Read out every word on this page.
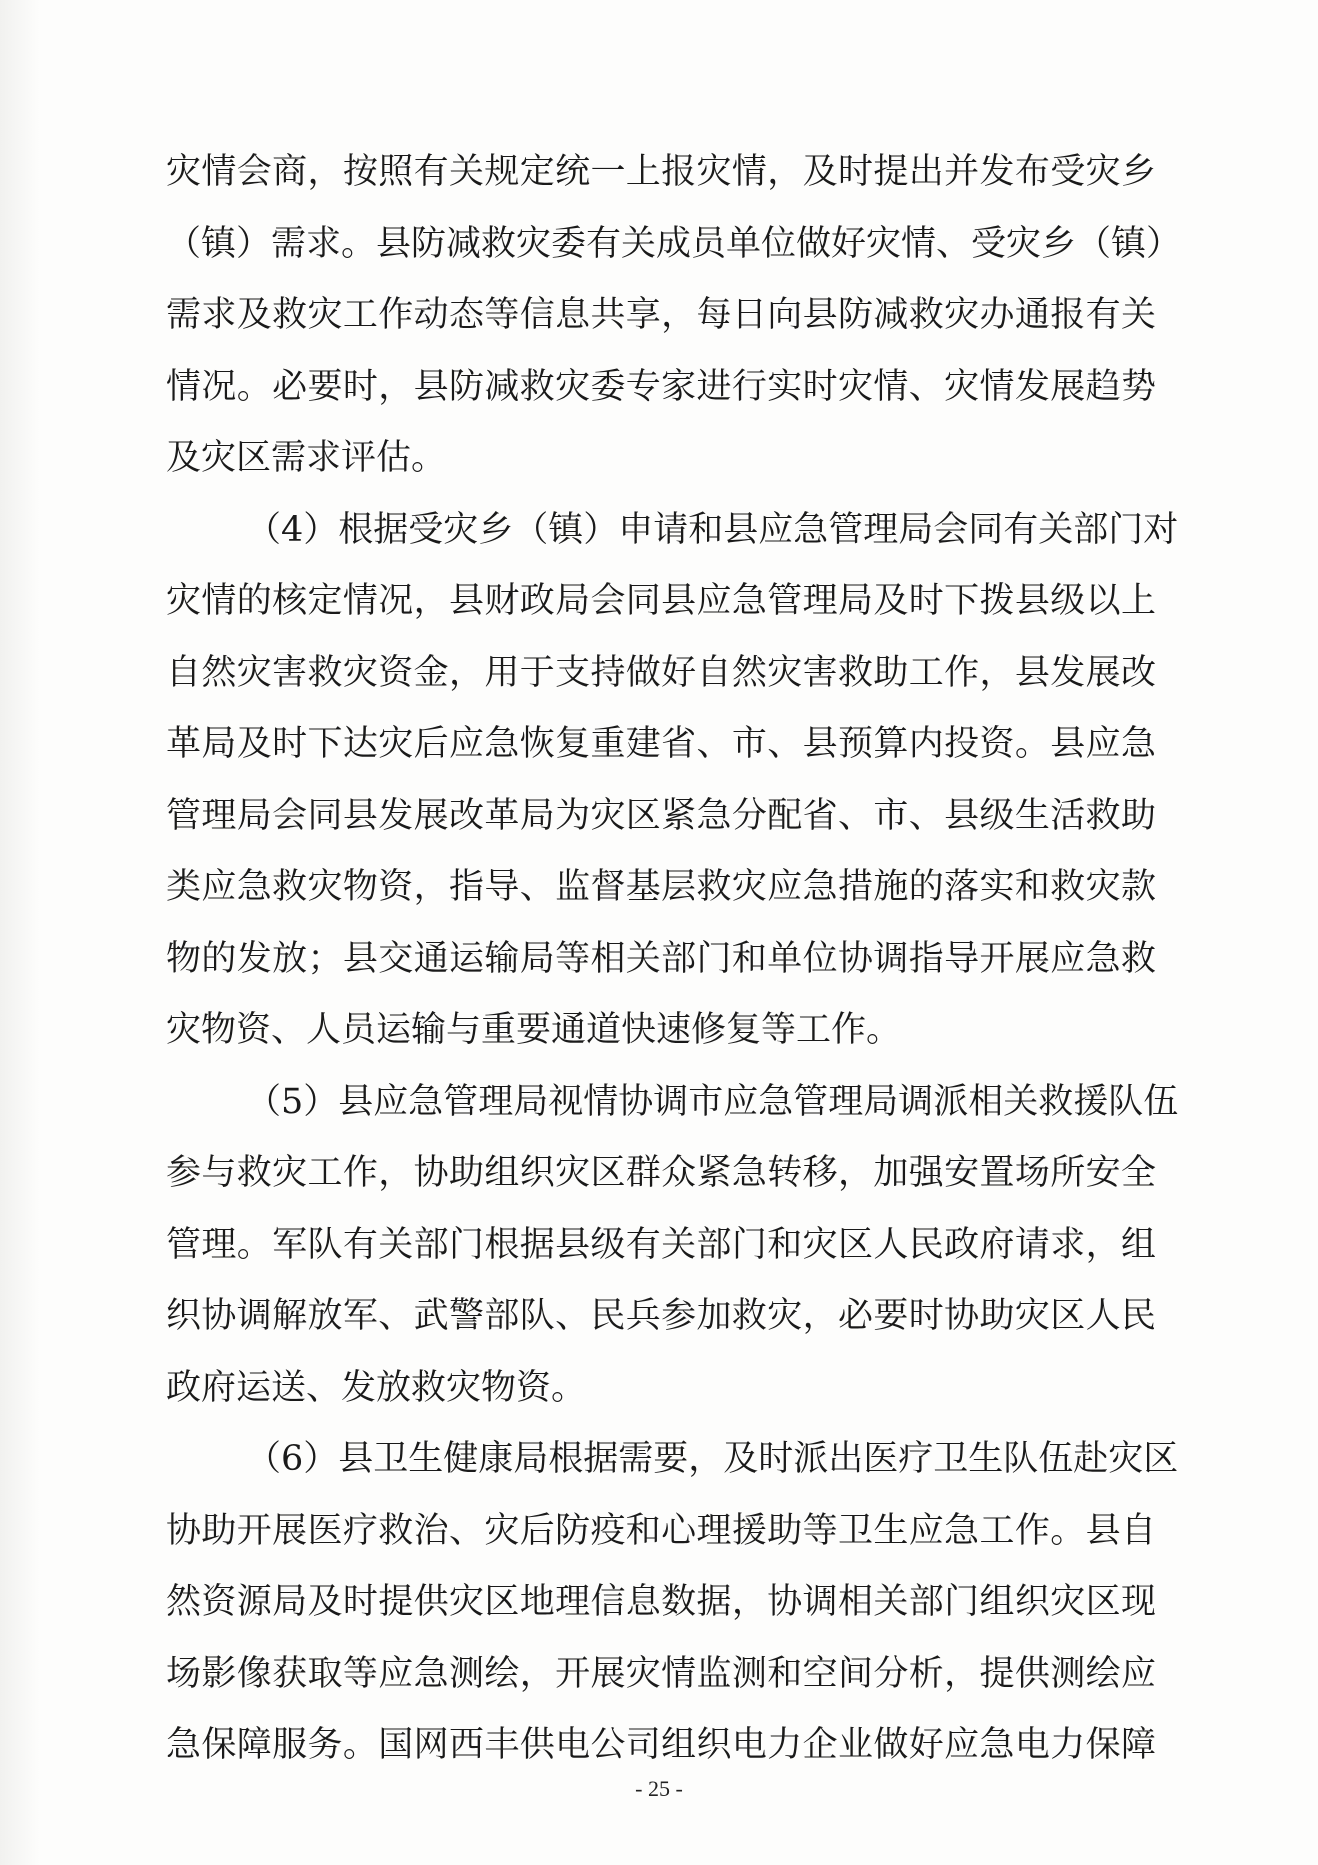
灾情会商，按照有关规定统一上报灾情，及时提出并发布受灾乡
（镇）需求。县防减救灾委有关成员单位做好灾情、受灾乡（镇）
需求及救灾工作动态等信息共享，每日向县防减救灾办通报有关
情况。必要时，县防减救灾委专家进行实时灾情、灾情发展趋势
及灾区需求评估。
（4）根据受灾乡（镇）申请和县应急管理局会同有关部门对
灾情的核定情况，县财政局会同县应急管理局及时下拨县级以上
自然灾害救灾资金，用于支持做好自然灾害救助工作，县发展改
革局及时下达灾后应急恢复重建省、市、县预算内投资。县应急
管理局会同县发展改革局为灾区紧急分配省、市、县级生活救助
类应急救灾物资，指导、监督基层救灾应急措施的落实和救灾款
物的发放；县交通运输局等相关部门和单位协调指导开展应急救
灾物资、人员运输与重要通道快速修复等工作。
（5）县应急管理局视情协调市应急管理局调派相关救援队伍
参与救灾工作，协助组织灾区群众紧急转移，加强安置场所安全
管理。军队有关部门根据县级有关部门和灾区人民政府请求，组
织协调解放军、武警部队、民兵参加救灾，必要时协助灾区人民
政府运送、发放救灾物资。
（6）县卫生健康局根据需要，及时派出医疗卫生队伍赴灾区
协助开展医疗救治、灾后防疫和心理援助等卫生应急工作。县自
然资源局及时提供灾区地理信息数据，协调相关部门组织灾区现
场影像获取等应急测绘，开展灾情监测和空间分析，提供测绘应
急保障服务。国网西丰供电公司组织电力企业做好应急电力保障
- 25 -
